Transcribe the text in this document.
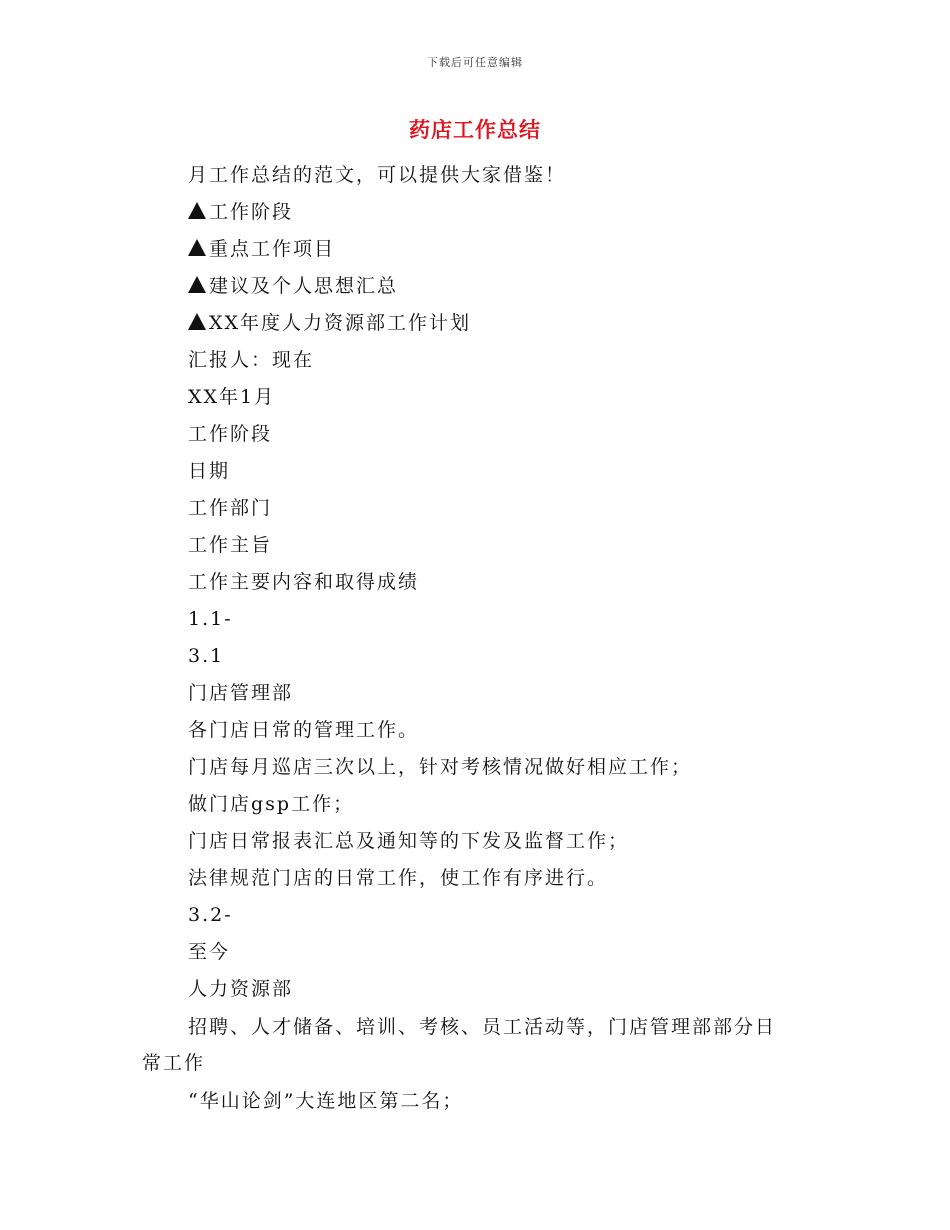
下载后可任意编辑
药店工作总结
月工作总结的范文，可以提供大家借鉴！
工作阶段
重点工作项目
建议及个人思想汇总
XX年度人力资源部工作计划
汇报人：现在
XX年1月
工作阶段
日期
工作部门
工作主旨
工作主要内容和取得成绩
1.1-
3.1
门店管理部
各门店日常的管理工作。
门店每月巡店三次以上，针对考核情况做好相应工作；
做门店gsp工作；
门店日常报表汇总及通知等的下发及监督工作；
法律规范门店的日常工作，使工作有序进行。
3.2-
至今
人力资源部
招聘、人才储备、培训、考核、员工活动等，门店管理部部分日
常工作
“华山论剑”大连地区第二名；
